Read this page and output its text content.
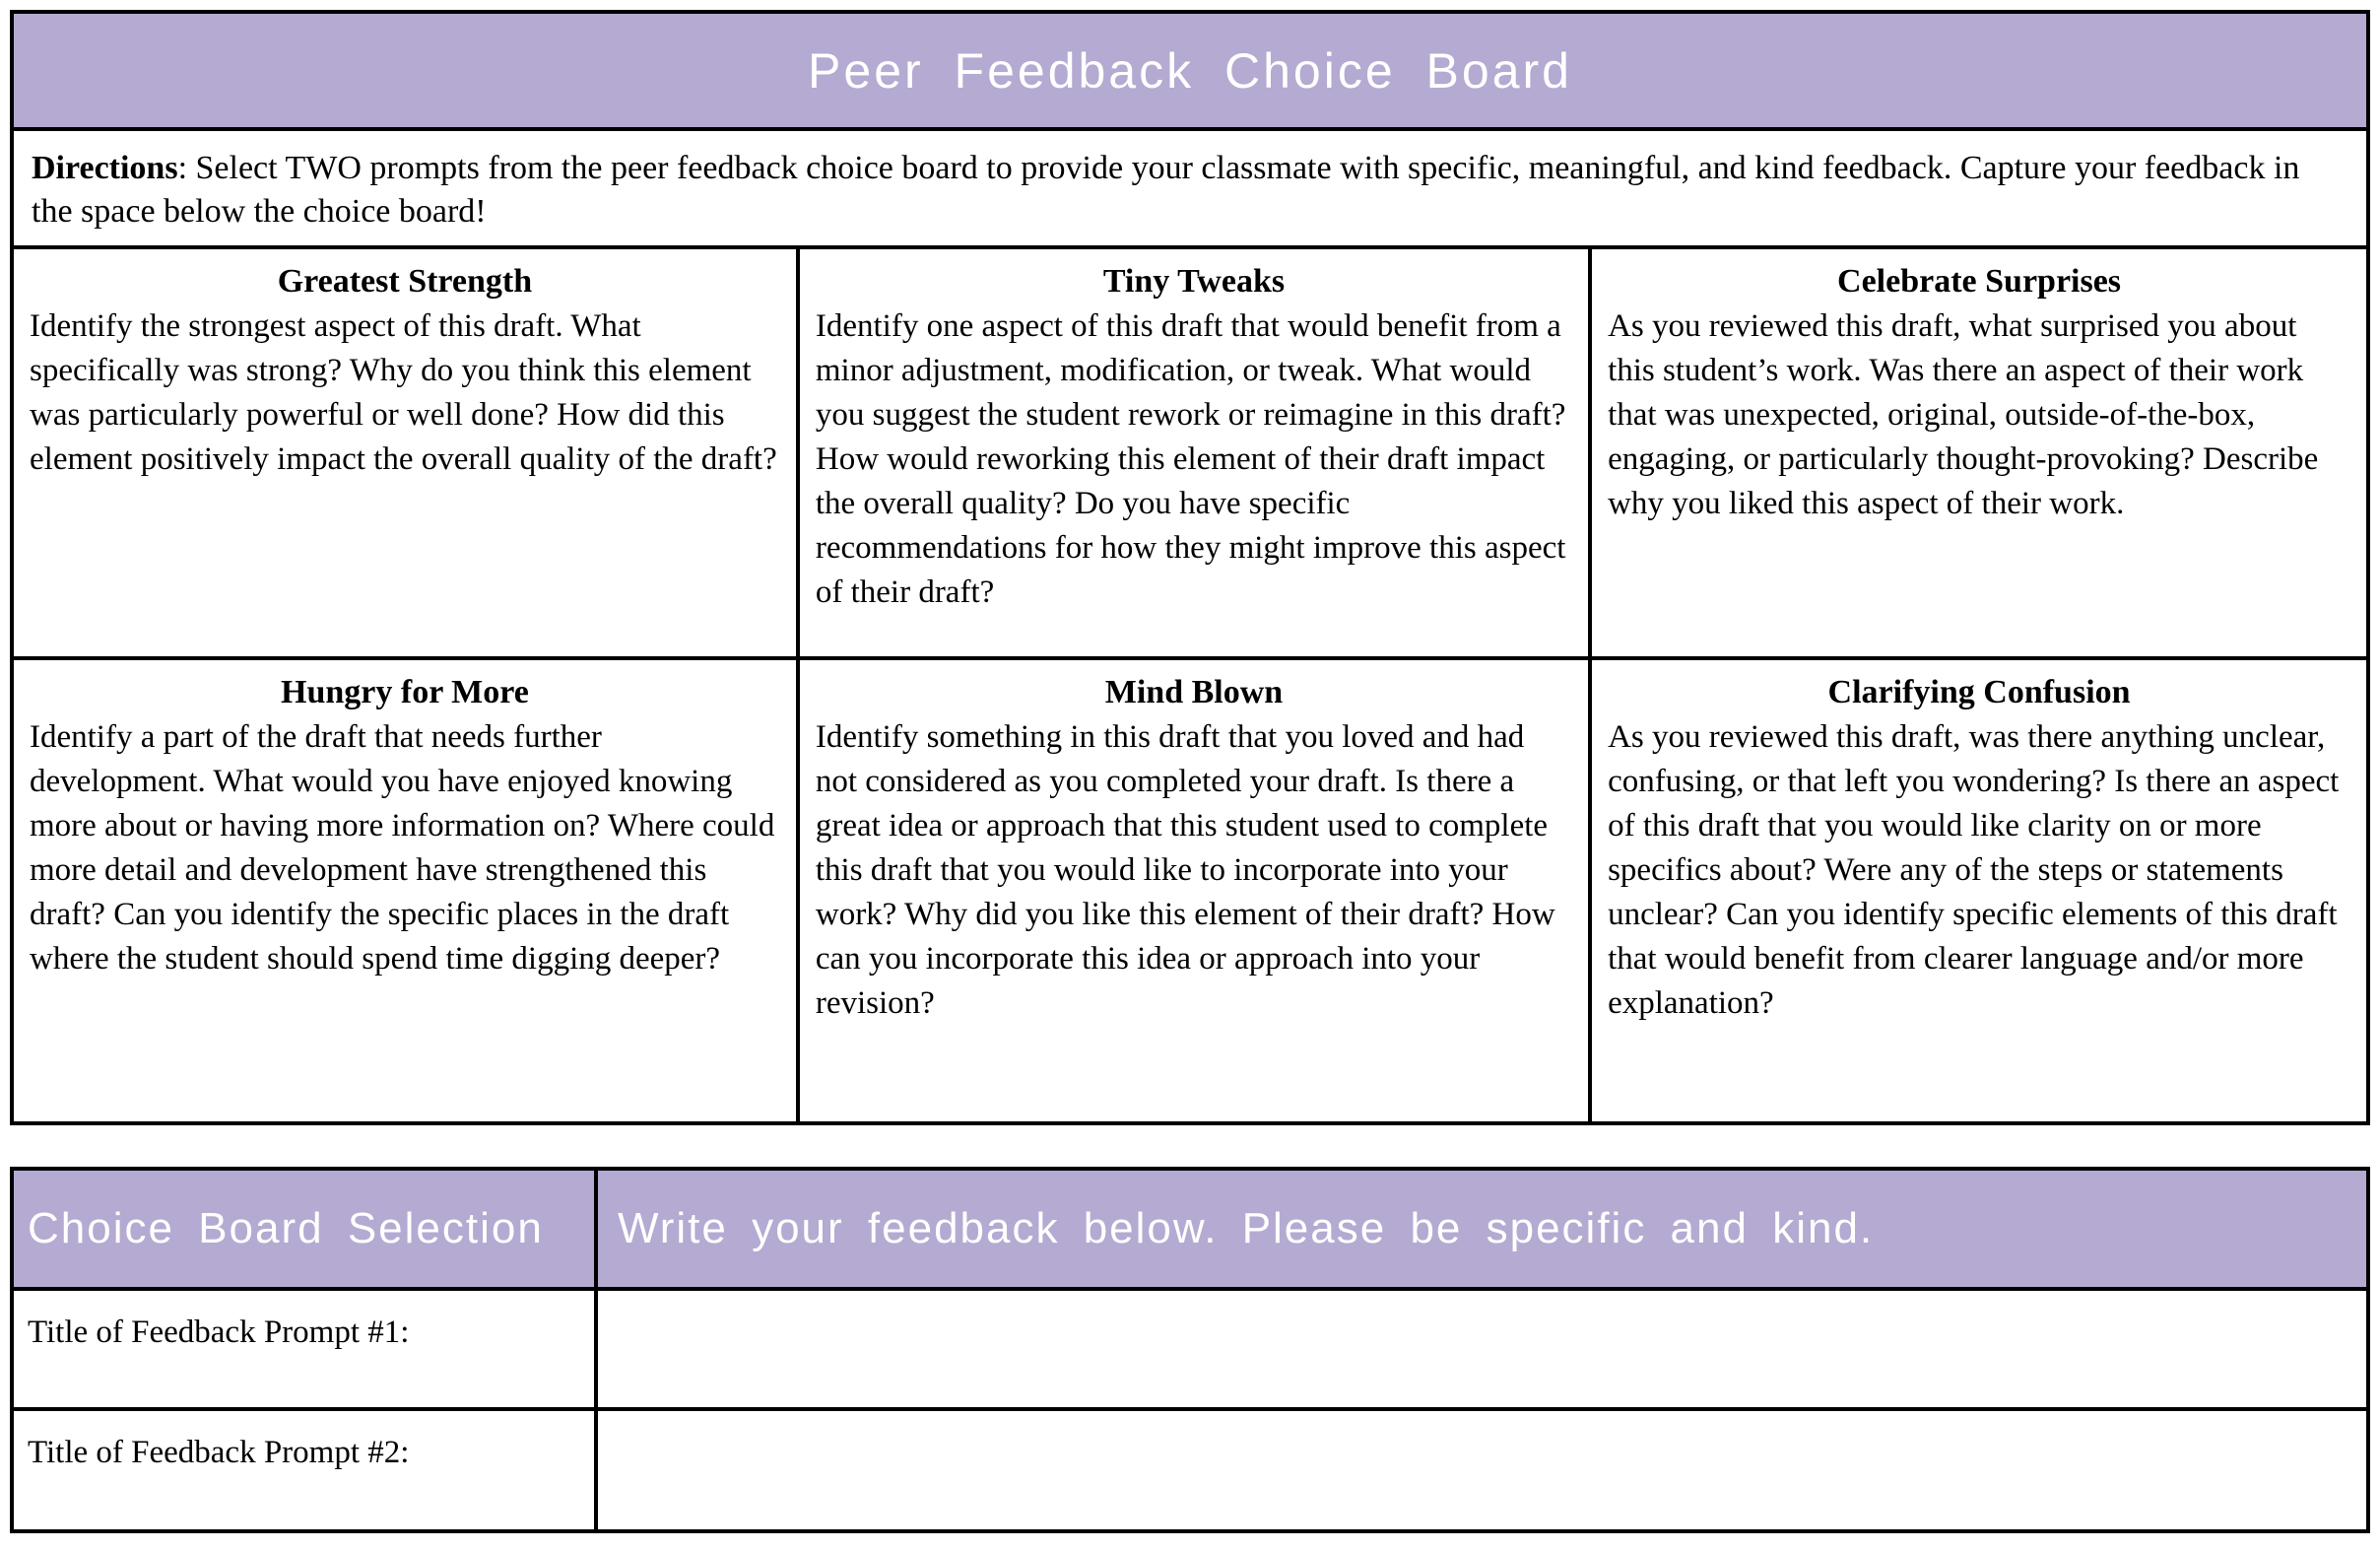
Peer Feedback Choice Board
Directions: Select TWO prompts from the peer feedback choice board to provide your classmate with specific, meaningful, and kind feedback. Capture your feedback in the space below the choice board!
Greatest Strength
Identify the strongest aspect of this draft. What specifically was strong? Why do you think this element was particularly powerful or well done? How did this element positively impact the overall quality of the draft?
Tiny Tweaks
Identify one aspect of this draft that would benefit from a minor adjustment, modification, or tweak. What would you suggest the student rework or reimagine in this draft? How would reworking this element of their draft impact the overall quality? Do you have specific recommendations for how they might improve this aspect of their draft?
Celebrate Surprises
As you reviewed this draft, what surprised you about this student’s work. Was there an aspect of their work that was unexpected, original, outside-of-the-box, engaging, or particularly thought-provoking? Describe why you liked this aspect of their work.
Hungry for More
Identify a part of the draft that needs further development. What would you have enjoyed knowing more about or having more information on? Where could more detail and development have strengthened this draft? Can you identify the specific places in the draft where the student should spend time digging deeper?
Mind Blown
Identify something in this draft that you loved and had not considered as you completed your draft. Is there a great idea or approach that this student used to complete this draft that you would like to incorporate into your work? Why did you like this element of their draft? How can you incorporate this idea or approach into your revision?
Clarifying Confusion
As you reviewed this draft, was there anything unclear, confusing, or that left you wondering? Is there an aspect of this draft that you would like clarity on or more specifics about? Were any of the steps or statements unclear? Can you identify specific elements of this draft that would benefit from clearer language and/or more explanation?
Choice Board Selection Write your feedback below. Please be specific and kind.
Title of Feedback Prompt #1:
Title of Feedback Prompt #2:
